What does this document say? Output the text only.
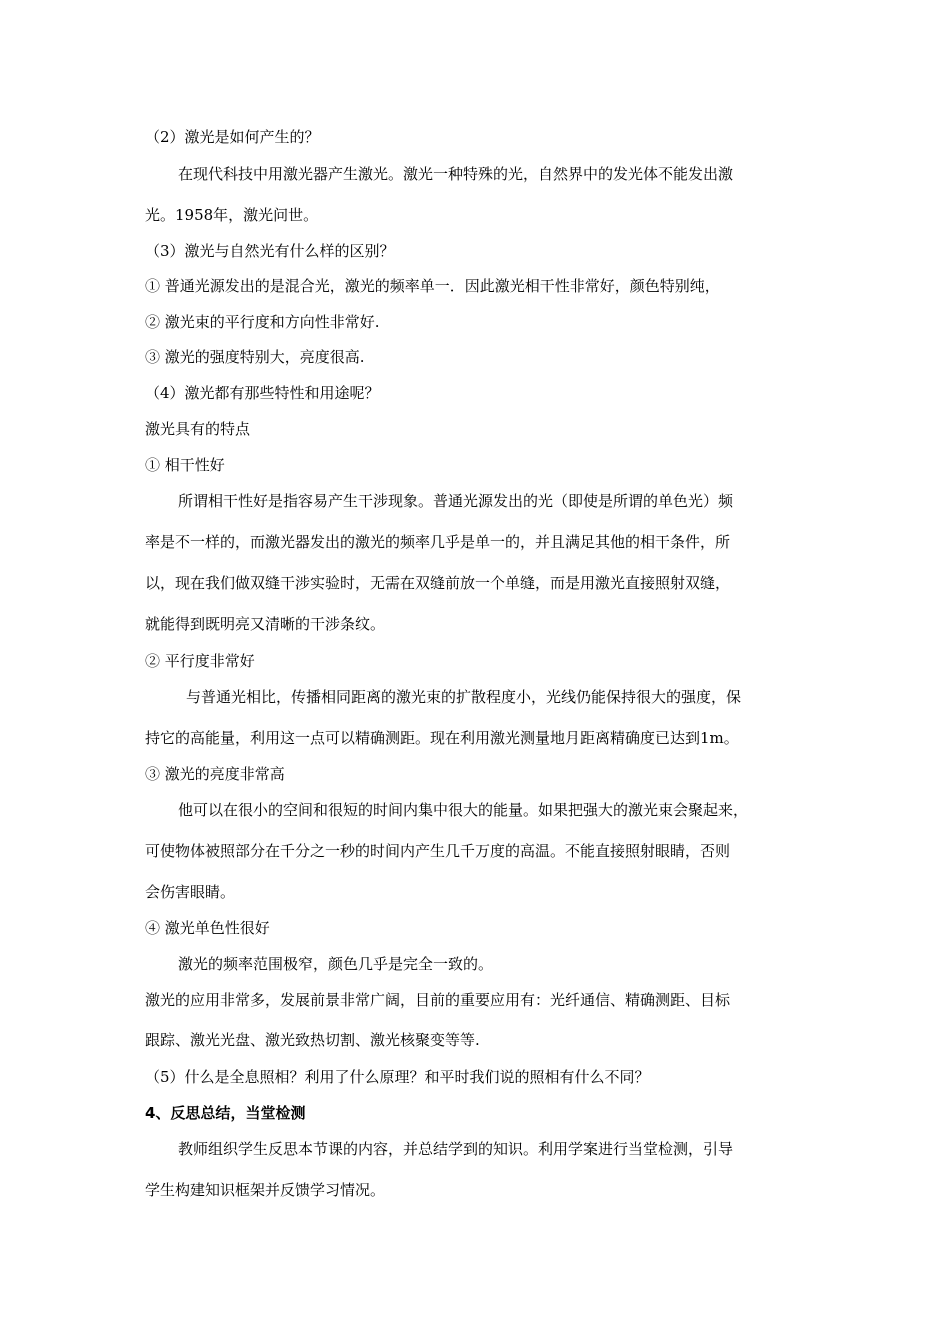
（2）激光是如何产生的？
在现代科技中用激光器产生激光。激光一种特殊的光，自然界中的发光体不能发出激
光。1958年，激光问世。
（3）激光与自然光有什么样的区别？
① 普通光源发出的是混合光，激光的频率单一．因此激光相干性非常好，颜色特别纯，
② 激光束的平行度和方向性非常好.
③ 激光的强度特别大，亮度很高.
（4）激光都有那些特性和用途呢？
激光具有的特点
① 相干性好
所谓相干性好是指容易产生干涉现象。普通光源发出的光（即使是所谓的单色光）频
率是不一样的，而激光器发出的激光的频率几乎是单一的，并且满足其他的相干条件，所
以，现在我们做双缝干涉实验时，无需在双缝前放一个单缝，而是用激光直接照射双缝，
就能得到既明亮又清晰的干涉条纹。
② 平行度非常好
与普通光相比，传播相同距离的激光束的扩散程度小，光线仍能保持很大的强度，保
持它的高能量，利用这一点可以精确测距。现在利用激光测量地月距离精确度已达到1m。
③ 激光的亮度非常高
他可以在很小的空间和很短的时间内集中很大的能量。如果把强大的激光束会聚起来，
可使物体被照部分在千分之一秒的时间内产生几千万度的高温。不能直接照射眼睛，否则
会伤害眼睛。
④ 激光单色性很好
激光的频率范围极窄，颜色几乎是完全一致的。
激光的应用非常多，发展前景非常广阔，目前的重要应用有：光纤通信、精确测距、目标
跟踪、激光光盘、激光致热切割、激光核聚变等等.
（5）什么是全息照相？利用了什么原理？和平时我们说的照相有什么不同？
4、反思总结，当堂检测
教师组织学生反思本节课的内容，并总结学到的知识。利用学案进行当堂检测，引导
学生构建知识框架并反馈学习情况。
